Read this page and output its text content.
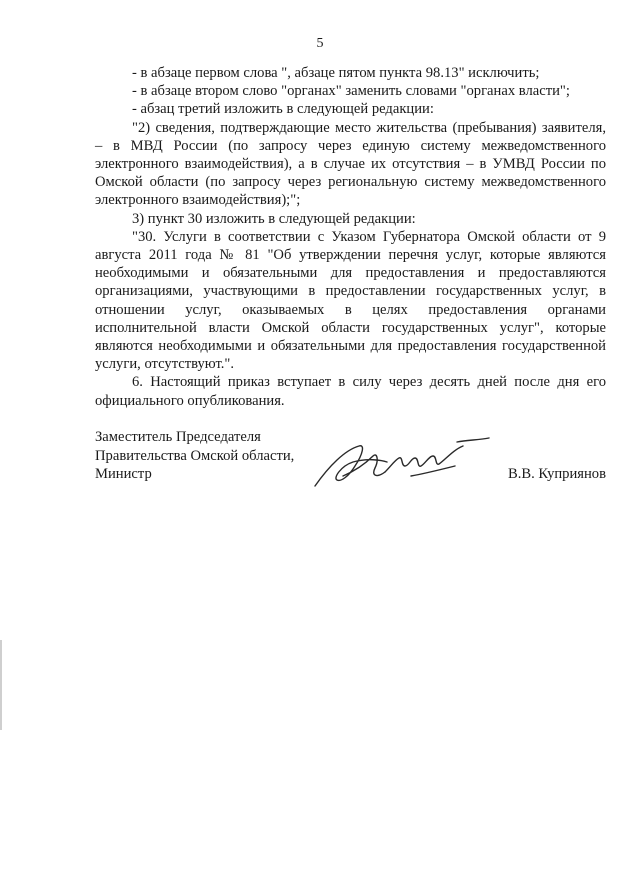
5

- в абзаце первом слова ", абзаце пятом пункта 98.13" исключить;

- в абзаце втором слово "органах" заменить словами "органах власти";

- абзац третий изложить в следующей редакции:

"2) сведения, подтверждающие место жительства (пребывания) заявителя, – в МВД России (по запросу через единую систему межведомственного электронного взаимодействия), а в случае их отсутствия – в УМВД России по Омской области (по запросу через региональную систему межведомственного электронного взаимодействия);";

3) пункт 30 изложить в следующей редакции:

"30. Услуги в соответствии с Указом Губернатора Омской области от 9 августа 2011 года № 81 "Об утверждении перечня услуг, которые являются необходимыми и обязательными для предоставления и предоставляются организациями, участвующими в предоставлении государственных услуг, в отношении услуг, оказываемых в целях предоставления органами исполнительной власти Омской области государственных услуг", которые являются необходимыми и обязательными для предоставления государственной услуги, отсутствуют.".

6. Настоящий приказ вступает в силу через десять дней после дня его официального опубликования.

Заместитель Председателя
Правительства Омской области,
Министр	В.В. Куприянов
